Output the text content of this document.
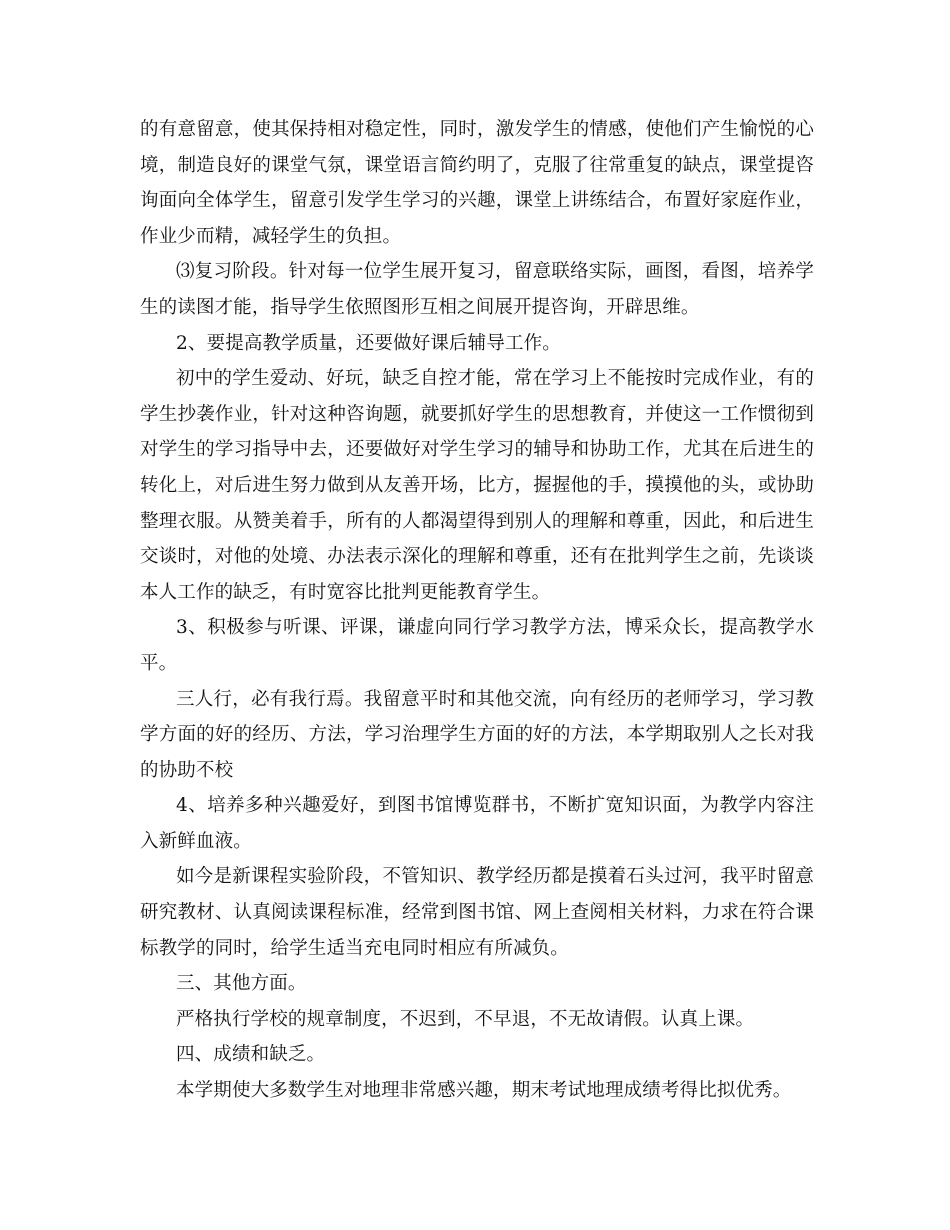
的有意留意，使其保持相对稳定性，同时，激发学生的情感，使他们产生愉悦的心境，制造良好的课堂气氛，课堂语言简约明了，克服了往常重复的缺点，课堂提咨询面向全体学生，留意引发学生学习的兴趣，课堂上讲练结合，布置好家庭作业，作业少而精，减轻学生的负担。

⑶复习阶段。针对每一位学生展开复习，留意联络实际，画图，看图，培养学生的读图才能，指导学生依照图形互相之间展开提咨询，开辟思维。

2、要提高教学质量，还要做好课后辅导工作。

初中的学生爱动、好玩，缺乏自控才能，常在学习上不能按时完成作业，有的学生抄袭作业，针对这种咨询题，就要抓好学生的思想教育，并使这一工作惯彻到对学生的学习指导中去，还要做好对学生学习的辅导和协助工作，尤其在后进生的转化上，对后进生努力做到从友善开场，比方，握握他的手，摸摸他的头，或协助整理衣服。从赞美着手，所有的人都渴望得到别人的理解和尊重，因此，和后进生交谈时，对他的处境、办法表示深化的理解和尊重，还有在批判学生之前，先谈谈本人工作的缺乏，有时宽容比批判更能教育学生。

3、积极参与听课、评课，谦虚向同行学习教学方法，博采众长，提高教学水平。

三人行，必有我行焉。我留意平时和其他交流，向有经历的老师学习，学习教学方面的好的经历、方法，学习治理学生方面的好的方法，本学期取别人之长对我的协助不校

4、培养多种兴趣爱好，到图书馆博览群书，不断扩宽知识面，为教学内容注入新鲜血液。

如今是新课程实验阶段，不管知识、教学经历都是摸着石头过河，我平时留意研究教材、认真阅读课程标准，经常到图书馆、网上查阅相关材料，力求在符合课标教学的同时，给学生适当充电同时相应有所减负。

三、其他方面。

严格执行学校的规章制度，不迟到，不早退，不无故请假。认真上课。

四、成绩和缺乏。

本学期使大多数学生对地理非常感兴趣，期末考试地理成绩考得比拟优秀。
